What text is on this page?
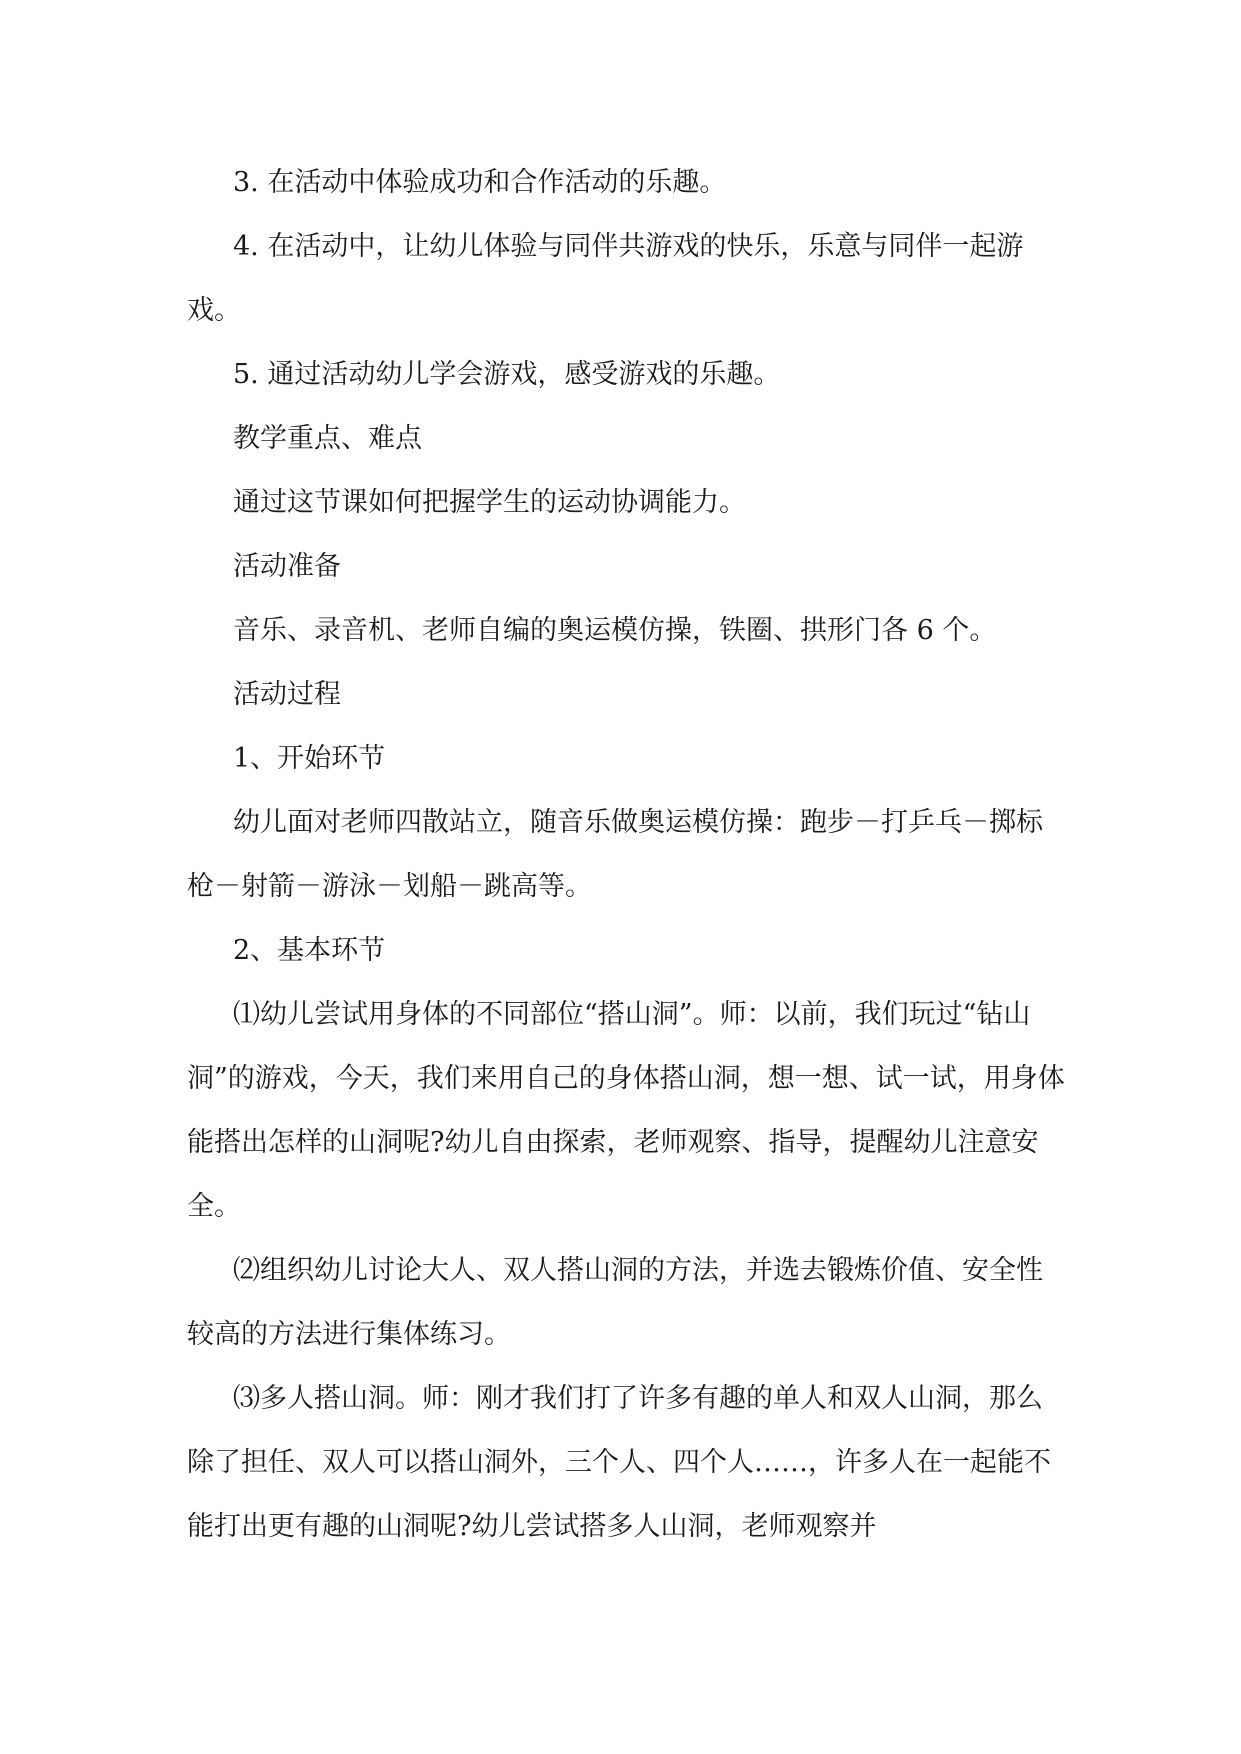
3. 在活动中体验成功和合作活动的乐趣。

4. 在活动中，让幼儿体验与同伴共游戏的快乐，乐意与同伴一起游戏。

5. 通过活动幼儿学会游戏，感受游戏的乐趣。

教学重点、难点

通过这节课如何把握学生的运动协调能力。

活动准备

音乐、录音机、老师自编的奥运模仿操，铁圈、拱形门各 6 个。

活动过程

1、开始环节

幼儿面对老师四散站立，随音乐做奥运模仿操：跑步－打乒乓－掷标枪－射箭－游泳－划船－跳高等。

2、基本环节

⑴幼儿尝试用身体的不同部位“搭山洞”。师：以前，我们玩过“钻山洞”的游戏，今天，我们来用自己的身体搭山洞，想一想、试一试，用身体能搭出怎样的山洞呢?幼儿自由探索，老师观察、指导，提醒幼儿注意安全。

⑵组织幼儿讨论大人、双人搭山洞的方法，并选去锻炼价值、安全性较高的方法进行集体练习。

⑶多人搭山洞。师：刚才我们打了许多有趣的单人和双人山洞，那么除了担任、双人可以搭山洞外，三个人、四个人……，许多人在一起能不能打出更有趣的山洞呢?幼儿尝试搭多人山洞，老师观察并
